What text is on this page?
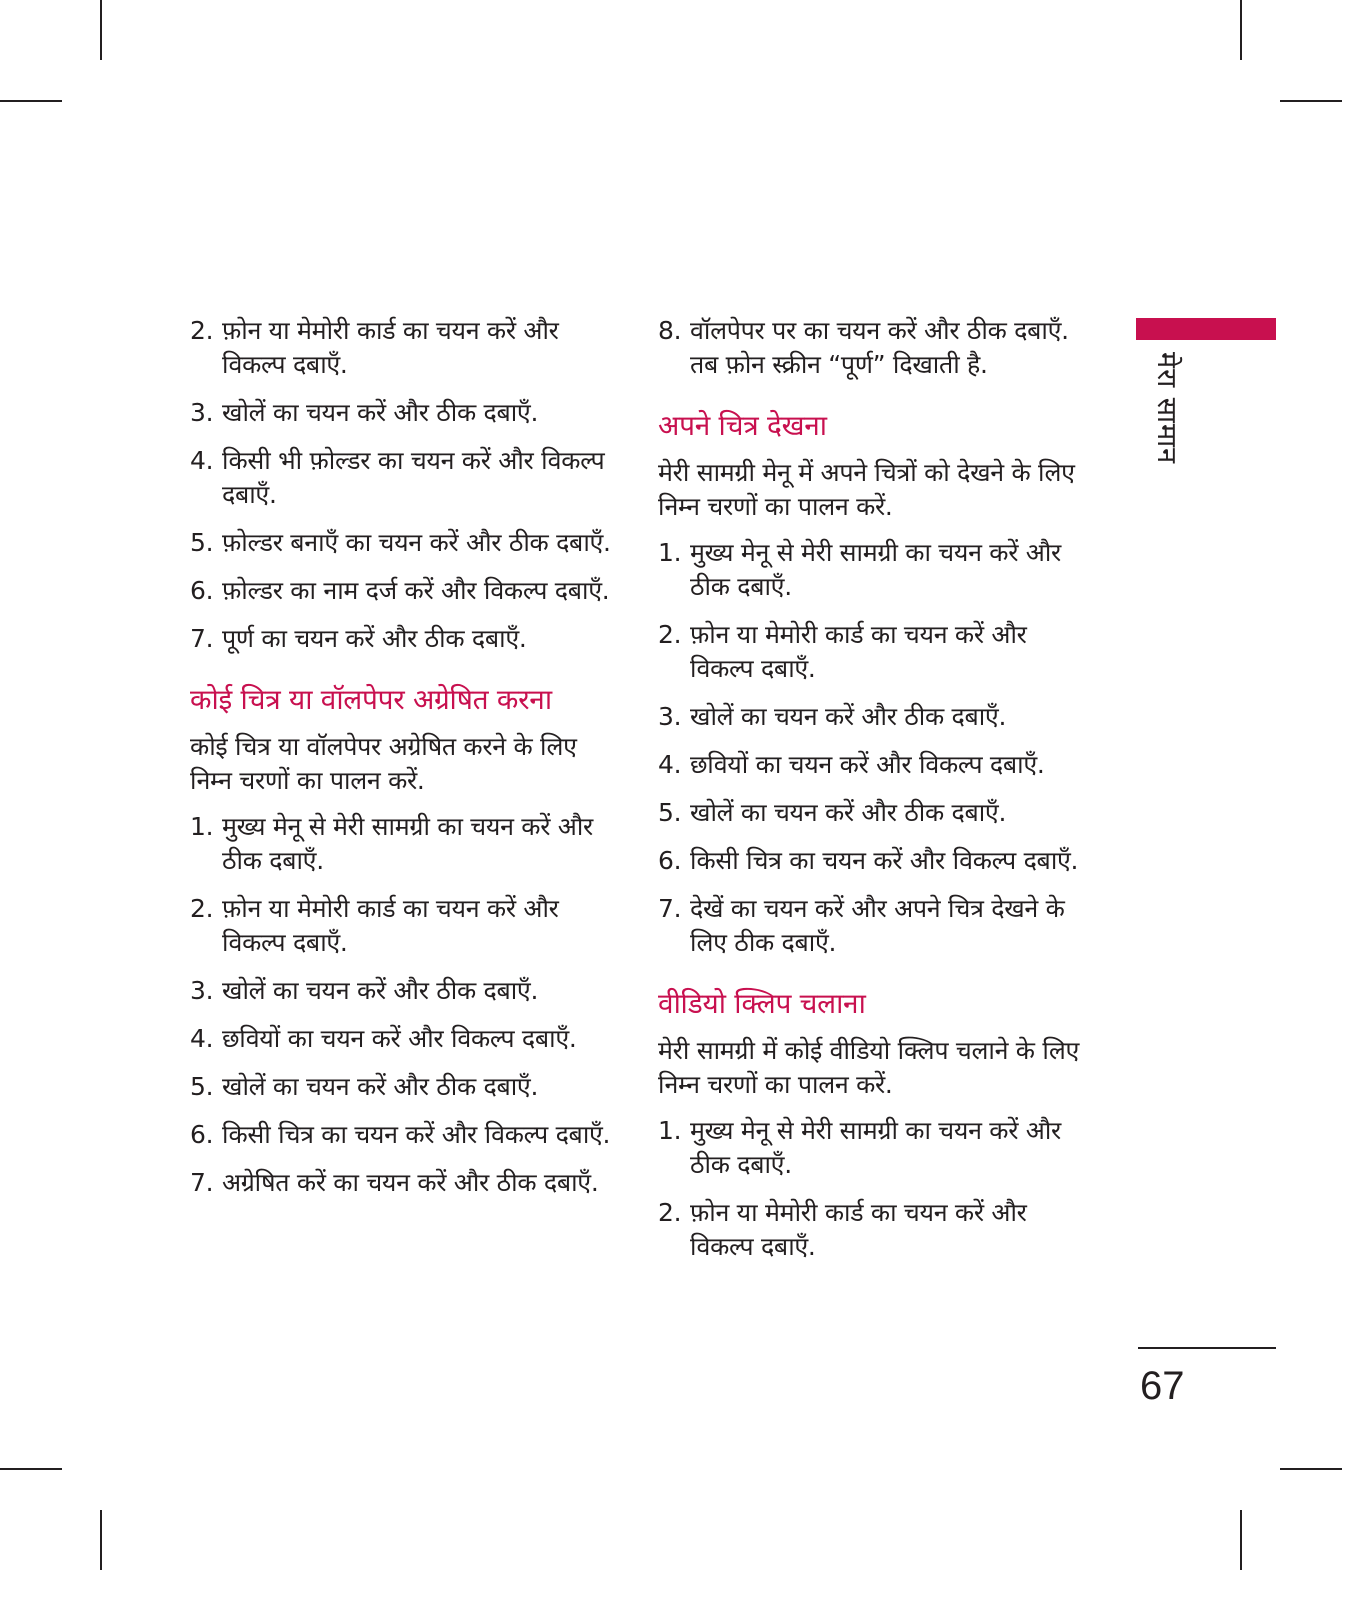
2. फ़ोन या मेमोरी कार्ड का चयन करें और विकल्प दबाएँ.
3. खोलें का चयन करें और ठीक दबाएँ.
4. किसी भी फ़ोल्डर का चयन करें और विकल्प दबाएँ.
5. फ़ोल्डर बनाएँ का चयन करें और ठीक दबाएँ.
6. फ़ोल्डर का नाम दर्ज करें और विकल्प दबाएँ.
7. पूर्ण का चयन करें और ठीक दबाएँ.
कोई चित्र या वॉलपेपर अग्रेषित करना
कोई चित्र या वॉलपेपर अग्रेषित करने के लिए निम्न चरणों का पालन करें.
1. मुख्य मेनू से मेरी सामग्री का चयन करें और ठीक दबाएँ.
2. फ़ोन या मेमोरी कार्ड का चयन करें और विकल्प दबाएँ.
3. खोलें का चयन करें और ठीक दबाएँ.
4. छवियों का चयन करें और विकल्प दबाएँ.
5. खोलें का चयन करें और ठीक दबाएँ.
6. किसी चित्र का चयन करें और विकल्प दबाएँ.
7. अग्रेषित करें का चयन करें और ठीक दबाएँ.
8. वॉलपेपर पर का चयन करें और ठीक दबाएँ. तब फ़ोन स्क्रीन “पूर्ण” दिखाती है.
अपने चित्र देखना
मेरी सामग्री मेनू में अपने चित्रों को देखने के लिए निम्न चरणों का पालन करें.
1. मुख्य मेनू से मेरी सामग्री का चयन करें और ठीक दबाएँ.
2. फ़ोन या मेमोरी कार्ड का चयन करें और विकल्प दबाएँ.
3. खोलें का चयन करें और ठीक दबाएँ.
4. छवियों का चयन करें और विकल्प दबाएँ.
5. खोलें का चयन करें और ठीक दबाएँ.
6. किसी चित्र का चयन करें और विकल्प दबाएँ.
7. देखें का चयन करें और अपने चित्र देखने के लिए ठीक दबाएँ.
वीडियो क्लिप चलाना
मेरी सामग्री में कोई वीडियो क्लिप चलाने के लिए निम्न चरणों का पालन करें.
1. मुख्य मेनू से मेरी सामग्री का चयन करें और ठीक दबाएँ.
2. फ़ोन या मेमोरी कार्ड का चयन करें और विकल्प दबाएँ.
मेरा सामान
67
